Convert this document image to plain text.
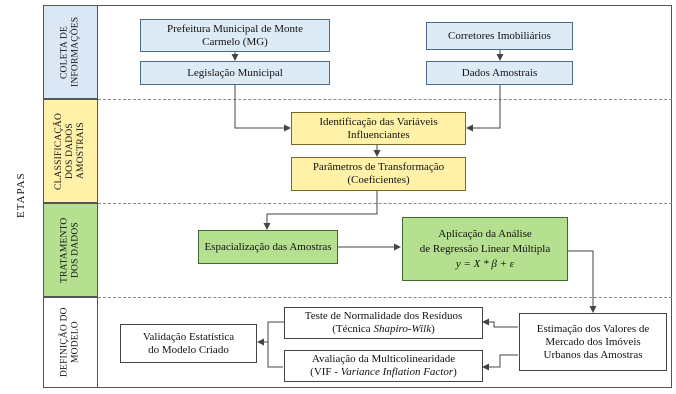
ETAPAS
COLETA DE
INFORMAÇÕES
CLASSIFICAÇÃO
DOS DADOS
AMOSTRAIS
TRATAMENTO
DOS DADOS
DEFINIÇÃO DO
MODELO
Prefeitura Municipal de Monte
Carmelo (MG)	Corretores Imobiliários
Legislação Municipal	Dados Amostrais
Identificação das Variáveis
Influenciantes
Parâmetros de Transformação
(Coeficientes)
Espacialização das Amostras
Aplicação da Análise
de Regressão Linear Múltipla
y = X * β + ε
Teste de Normalidade dos Resíduos
(Técnica Shapiro-Wilk)
Avaliação da Multicolinearidade
(VIF - Variance Inflation Factor)
Validação Estatística
do Modelo Criado
Estimação dos Valores de
Mercado dos Imóveis
Urbanos das Amostras
